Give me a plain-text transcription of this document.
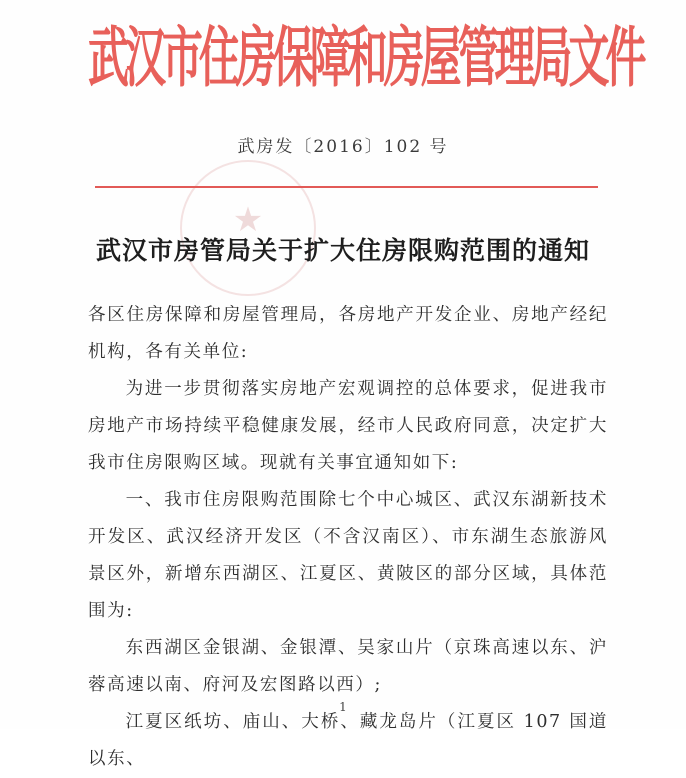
★
武汉市住房保障和房屋管理局文件
武房发〔2016〕102 号
武汉市房管局关于扩大住房限购范围的通知

各区住房保障和房屋管理局，各房地产开发企业、房地产经纪机构，各有关单位:

为进一步贯彻落实房地产宏观调控的总体要求，促进我市房地产市场持续平稳健康发展，经市人民政府同意，决定扩大我市住房限购区域。现就有关事宜通知如下:

一、我市住房限购范围除七个中心城区、武汉东湖新技术开发区、武汉经济开发区（不含汉南区）、市东湖生态旅游风景区外，新增东西湖区、江夏区、黄陂区的部分区域，具体范围为:

东西湖区金银湖、金银潭、吴家山片（京珠高速以东、沪蓉高速以南、府河及宏图路以西）;

江夏区纸坊、庙山、大桥、藏龙岛片（江夏区 107 国道以东、

1
